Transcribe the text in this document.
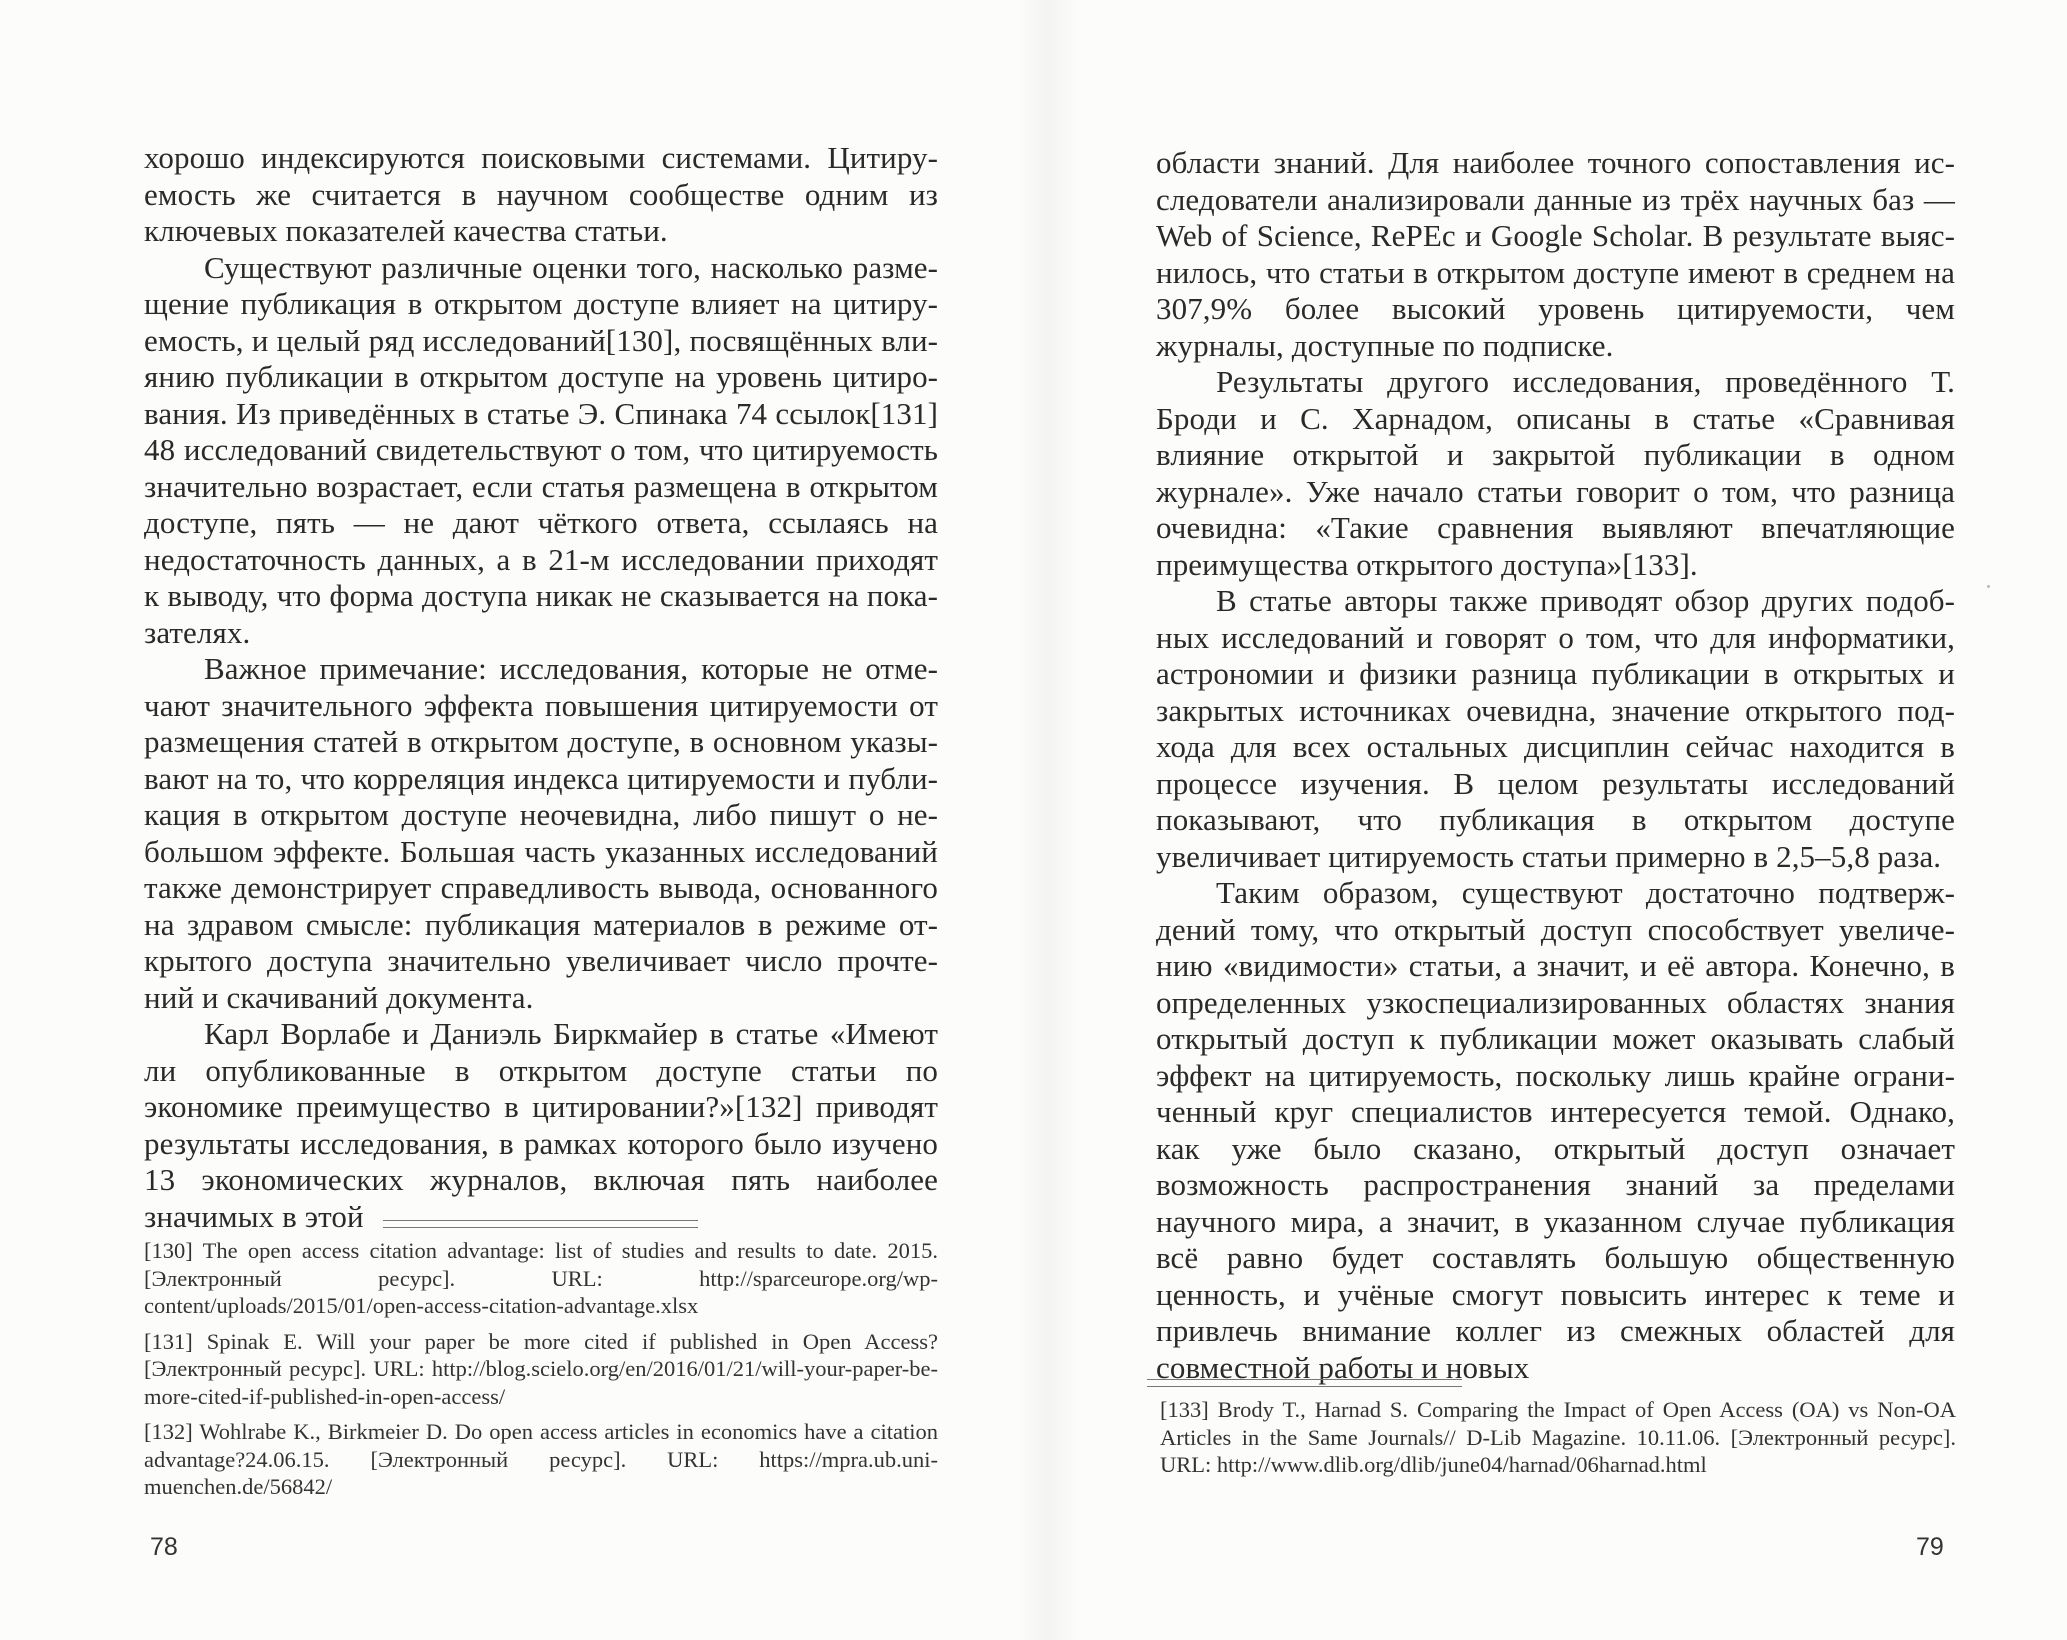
хорошо индексируются поисковыми системами. Цитируемость же считается в научном сообществе одним из ключевых показателей качества статьи.

Существуют различные оценки того, насколько размещение публикация в открытом доступе влияет на цитируемость, и целый ряд исследований[130], посвящённых влиянию публикации в открытом доступе на уровень цитирования. Из приведённых в статье Э. Спинака 74 ссылок[131] 48 исследований свидетельствуют о том, что цитируемость значительно возрастает, если статья размещена в открытом доступе, пять — не дают чёткого ответа, ссылаясь на недостаточность данных, а в 21-м исследовании приходят к выводу, что форма доступа никак не сказывается на показателях.

Важное примечание: исследования, которые не отмечают значительного эффекта повышения цитируемости от размещения статей в открытом доступе, в основном указывают на то, что корреляция индекса цитируемости и публикация в открытом доступе неочевидна, либо пишут о небольшом эффекте. Большая часть указанных исследований также демонстрирует справедливость вывода, основанного на здравом смысле: публикация материалов в режиме открытого доступа значительно увеличивает число прочтений и скачиваний документа.

Карл Ворлабе и Даниэль Биркмайер в статье «Имеют ли опубликованные в открытом доступе статьи по экономике преимущество в цитировании?»[132] приводят результаты исследования, в рамках которого было изучено 13 экономических журналов, включая пять наиболее значимых в этой

[130] The open access citation advantage: list of studies and results to date. 2015. [Электронный ресурс]. URL: http://sparceurope.org/wp-content/uploads/2015/01/open-access-citation-advantage.xlsx

[131] Spinak E. Will your paper be more cited if published in Open Access? [Электронный ресурс]. URL: http://blog.scielo.org/en/2016/01/21/will-your-paper-be-more-cited-if-published-in-open-access/

[132] Wohlrabe K., Birkmeier D. Do open access articles in economics have a citation advantage?24.06.15. [Электронный ресурс]. URL: https://mpra.ub.uni-muenchen.de/56842/

78

области знаний. Для наиболее точного сопоставления исследователи анализировали данные из трёх научных баз — Web of Science, RePEc и Google Scholar. В результате выяснилось, что статьи в открытом доступе имеют в среднем на 307,9% более высокий уровень цитируемости, чем журналы, доступные по подписке.

Результаты другого исследования, проведённого Т. Броди и С. Харнадом, описаны в статье «Сравнивая влияние открытой и закрытой публикации в одном журнале». Уже начало статьи говорит о том, что разница очевидна: «Такие сравнения выявляют впечатляющие преимущества открытого доступа»[133].

В статье авторы также приводят обзор других подобных исследований и говорят о том, что для информатики, астрономии и физики разница публикации в открытых и закрытых источниках очевидна, значение открытого подхода для всех остальных дисциплин сейчас находится в процессе изучения. В целом результаты исследований показывают, что публикация в открытом доступе увеличивает цитируемость статьи примерно в 2,5–5,8 раза.

Таким образом, существуют достаточно подтверждений тому, что открытый доступ способствует увеличению «видимости» статьи, а значит, и её автора. Конечно, в определенных узкоспециализированных областях знания открытый доступ к публикации может оказывать слабый эффект на цитируемость, поскольку лишь крайне ограниченный круг специалистов интересуется темой. Однако, как уже было сказано, открытый доступ означает возможность распространения знаний за пределами научного мира, а значит, в указанном случае публикация всё равно будет составлять большую общественную ценность, и учёные смогут повысить интерес к теме и привлечь внимание коллег из смежных областей для совместной работы и новых

[133] Brody T., Harnad S. Comparing the Impact of Open Access (OA) vs Non-OA Articles in the Same Journals// D-Lib Magazine. 10.11.06. [Электронный ресурс]. URL: http://www.dlib.org/dlib/june04/harnad/06harnad.html

79
